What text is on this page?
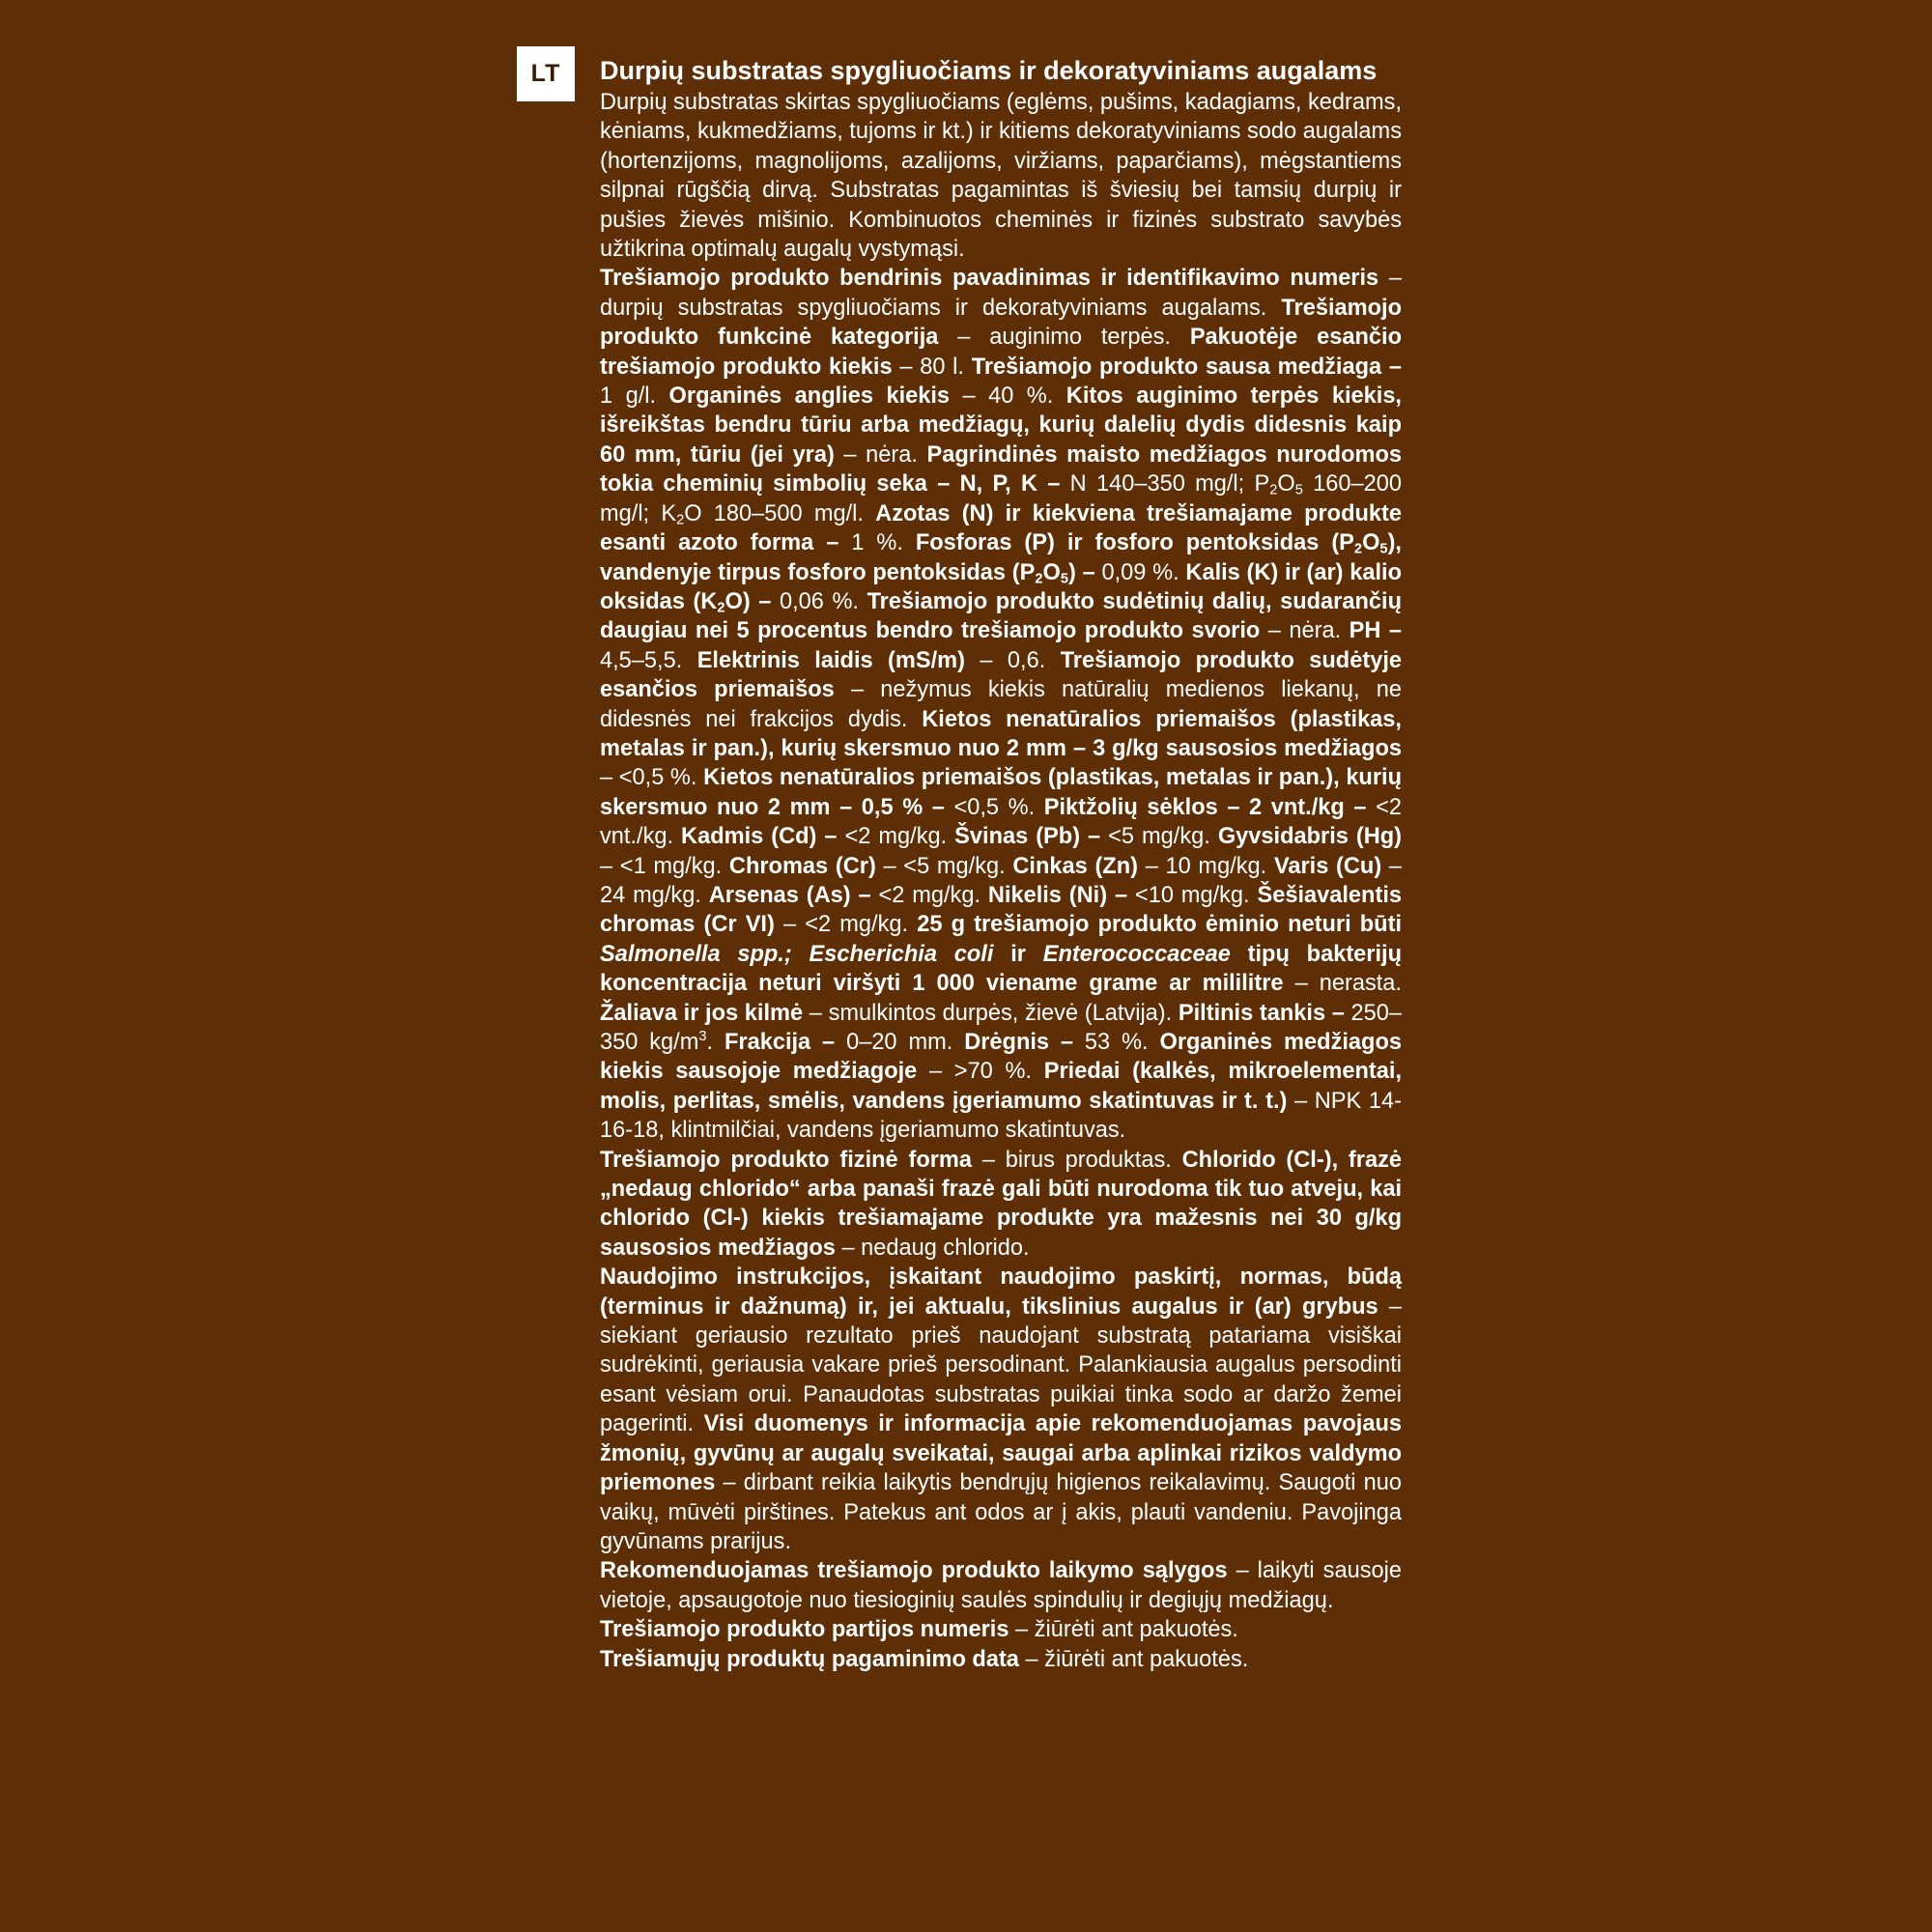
LT	Durpių substratas spygliuočiams ir dekoratyviniams augalams

Durpių substratas skirtas spygliuočiams (eglėms, pušims, kadagiams, kedrams, kėniams, kukmedžiams, tujoms ir kt.) ir kitiems dekoratyviniams sodo augalams (hortenzijoms, magnolijoms, azalijoms, viržiams, paparčiams), mėgstantiems silpnai rūgščią dirvą. Substratas pagamintas iš šviesių bei tamsių durpių ir pušies žievės mišinio. Kombinuotos cheminės ir fizinės substrato savybės užtikrina optimalų augalų vystymąsi.

Trešiamojo produkto bendrinis pavadinimas ir identifikavimo numeris – durpių substratas spygliuočiams ir dekoratyviniams augalams. Trešiamojo produkto funkcinė kategorija – auginimo terpės. Pakuotėje esančio trešiamojo produkto kiekis – 80 l. Trešiamojo produkto sausa medžiaga – 1 g/l. Organinės anglies kiekis – 40 %. Kitos auginimo terpės kiekis, išreikštas bendru tūriu arba medžiagų, kurių dalelių dydis didesnis kaip 60 mm, tūriu (jei yra) – nėra. Pagrindinės maisto medžiagos nurodomos tokia cheminių simbolių seka – N, P, K – N 140–350 mg/l; $P_2O_5$ 160–200 mg/l; $K_2O$ 180–500 mg/l. Azotas (N) ir kiekviena trešiamajame produkte esanti azoto forma – 1 %. Fosforas (P) ir fosforo pentoksidas $(P_2O_5)$, vandenyje tirpus fosforo pentoksidas $(P_2O_5) - 0,09$ %. Kalis (K) ir (ar) kalio oksidas $(K_2O) - 0,06$ %. Trešiamojo produkto sudėtinių dalių, sudarančių daugiau nei 5 procentus bendro trešiamojo produkto svorio – nėra. PH – 4,5–5,5. Elektrinis laidis (mS/m) – 0,6. Trešiamojo produkto sudėtyje esančios priemaišos – nežymus kiekis natūralių medienos liekanų, ne didesnės nei frakcijos dydis. Kietos nenatūralios priemaišos (plastikas, metalas ir pan.), kurių skersmuo nuo 2 mm – 3 g/kg sausosios medžiagos – <0,5 %. Kietos nenatūralios priemaišos (plastikas, metalas ir pan.), kurių skersmuo nuo 2 mm – 0,5 % – <0,5 %. Piktžolių sėklos – 2 vnt./kg – <2 vnt./kg. Kadmis (Cd) – <2 mg/kg. Švinas (Pb) – <5 mg/kg. Gyvsidabris (Hg) – <1 mg/kg. Chromas (Cr) – <5 mg/kg. Cinkas (Zn) – 10 mg/kg. Varis (Cu) – 24 mg/kg. Arsenas (As) – <2 mg/kg. Nikelis (Ni) – <10 mg/kg. Šešiavalentis chromas (Cr VI) – <2 mg/kg. 25 g trešiamojo produkto ėminio neturi būti Salmonella spp.; Escherichia coli ir Enterococcaceae tipų bakterijų koncentracija neturi viršyti 1 000 viename grame ar mililitre – nerasta. Žaliava ir jos kilmė – smulkintos durpės, žievė (Latvija). Piltinis tankis – 250–350 $kg/m^3$. Frakcija – 0–20 mm. Drėgnis – 53 %. Organinės medžiagos kiekis sausojoje medžiagoje – >70 %. Priedai (kalkės, mikroelementai, molis, perlitas, smėlis, vandens įgeriamumo skatintuvas ir t. t.) – NPK 14-16-18, klintmilčiai, vandens įgeriamumo skatintuvas.

Trešiamojo produkto fizinė forma – birus produktas. Chlorido (Cl-), frazė „nedaug chlorido“ arba panaši frazė gali būti nurodoma tik tuo atveju, kai chlorido (Cl-) kiekis trešiamajame produkte yra mažesnis nei 30 g/kg sausosios medžiagos – nedaug chlorido.

Naudojimo instrukcijos, įskaitant naudojimo paskirtį, normas, būdą (terminus ir dažnumą) ir, jei aktualu, tikslinius augalus ir (ar) grybus – siekiant geriausio rezultato prieš naudojant substratą patariama visiškai sudrėkinti, geriausia vakare prieš persodinant. Palankiausia augalus persodinti esant vėsiam orui. Panaudotas substratas puikiai tinka sodo ar daržo žemei pagerinti. Visi duomenys ir informacija apie rekomenduojamas pavojaus žmonių, gyvūnų ar augalų sveikatai, saugai arba aplinkai rizikos valdymo priemones – dirbant reikia laikytis bendrųjų higienos reikalavimų. Saugoti nuo vaikų, mūvėti pirštines. Patekus ant odos ar į akis, plauti vandeniu. Pavojinga gyvūnams prarijus.

Rekomenduojamas trešiamojo produkto laikymo sąlygos – laikyti sausoje vietoje, apsaugotoje nuo tiesioginių saulės spindulių ir degiųjų medžiagų.

Trešiamojo produkto partijos numeris – žiūrėti ant pakuotės.

Trešiamųjų produktų pagaminimo data – žiūrėti ant pakuotės.
